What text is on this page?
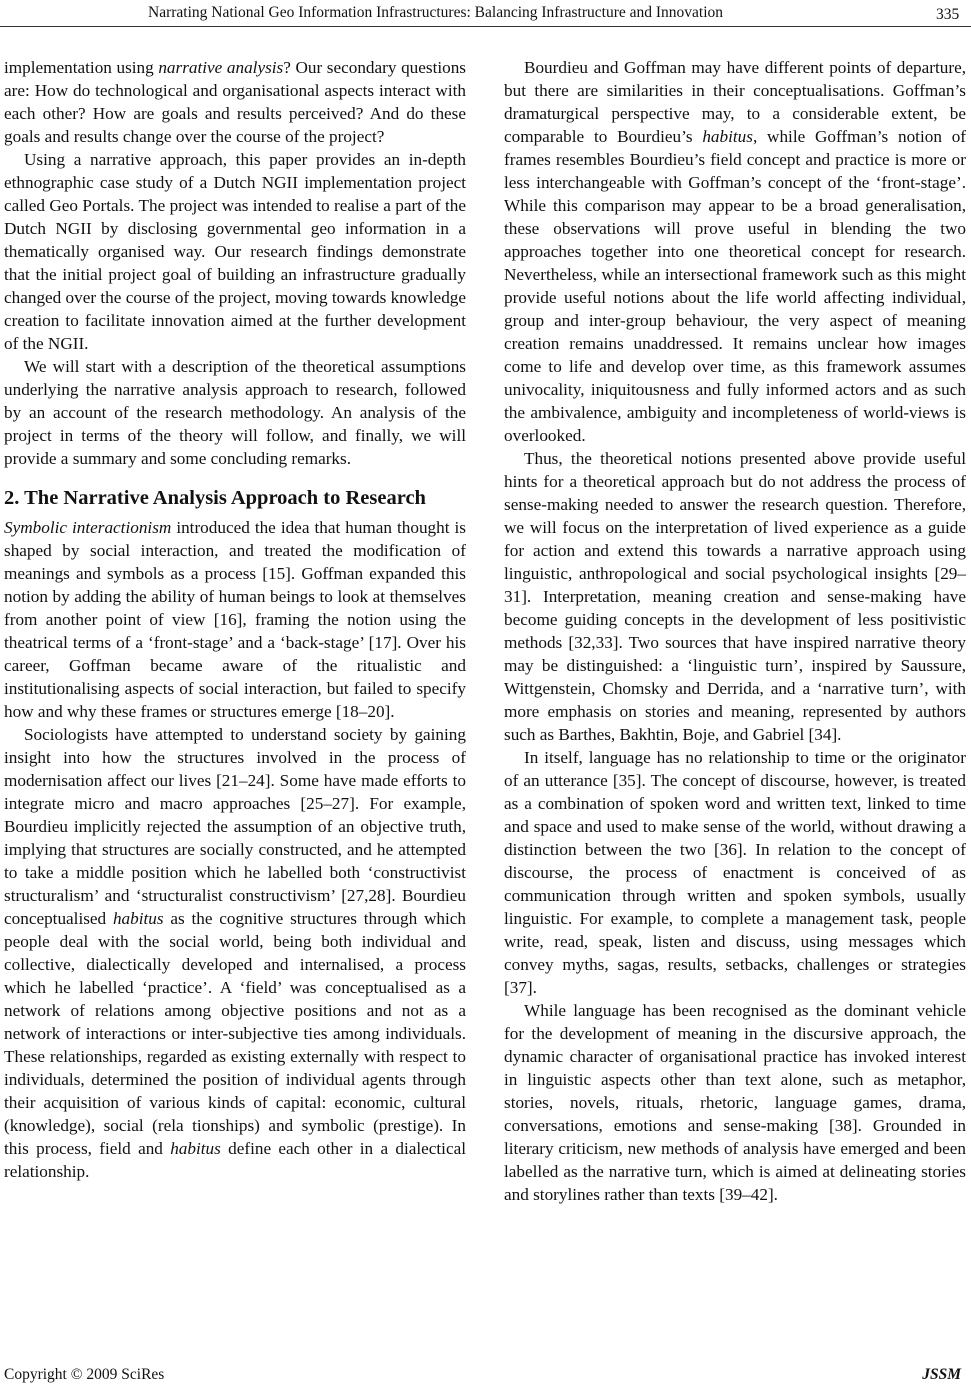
Narrating National Geo Information Infrastructures: Balancing Infrastructure and Innovation	335

implementation using narrative analysis? Our secondary questions are: How do technological and organisational aspects interact with each other? How are goals and results perceived? And do these goals and results change over the course of the project?

Using a narrative approach, this paper provides an in-depth ethnographic case study of a Dutch NGII implementation project called Geo Portals. The project was intended to realise a part of the Dutch NGII by disclosing governmental geo information in a thematically organised way. Our research findings demonstrate that the initial project goal of building an infrastructure gradually changed over the course of the project, moving towards knowledge creation to facilitate innovation aimed at the further development of the NGII.

We will start with a description of the theoretical assumptions underlying the narrative analysis approach to research, followed by an account of the research methodology. An analysis of the project in terms of the theory will follow, and finally, we will provide a summary and some concluding remarks.

2. The Narrative Analysis Approach to Research

Symbolic interactionism introduced the idea that human thought is shaped by social interaction, and treated the modification of meanings and symbols as a process [15]. Goffman expanded this notion by adding the ability of human beings to look at themselves from another point of view [16], framing the notion using the theatrical terms of a ‘front-stage’ and a ‘back-stage’ [17]. Over his career, Goffman became aware of the ritualistic and institutionalising aspects of social interaction, but failed to specify how and why these frames or structures emerge [18–20].

Sociologists have attempted to understand society by gaining insight into how the structures involved in the process of modernisation affect our lives [21–24]. Some have made efforts to integrate micro and macro approaches [25–27]. For example, Bourdieu implicitly rejected the assumption of an objective truth, implying that structures are socially constructed, and he attempted to take a middle position which he labelled both ‘constructivist structuralism’ and ‘structuralist constructivism’ [27,28]. Bourdieu conceptualised habitus as the cognitive structures through which people deal with the social world, being both individual and collective, dialectically developed and internalised, a process which he labelled ‘practice’. A ‘field’ was conceptualised as a network of relations among objective positions and not as a network of interactions or inter-subjective ties among individuals. These relationships, regarded as existing externally with respect to individuals, determined the position of individual agents through their acquisition of various kinds of capital: economic, cultural (knowledge), social (rela tionships) and symbolic (prestige). In this process, field and habitus define each other in a dialectical relationship.

Bourdieu and Goffman may have different points of departure, but there are similarities in their conceptualisations. Goffman’s dramaturgical perspective may, to a considerable extent, be comparable to Bourdieu’s habitus, while Goffman’s notion of frames resembles Bourdieu’s field concept and practice is more or less interchangeable with Goffman’s concept of the ‘front-stage’. While this comparison may appear to be a broad generalisation, these observations will prove useful in blending the two approaches together into one theoretical concept for research. Nevertheless, while an intersectional framework such as this might provide useful notions about the life world affecting individual, group and inter-group behaviour, the very aspect of meaning creation remains unaddressed. It remains unclear how images come to life and develop over time, as this framework assumes univocality, iniquitousness and fully informed actors and as such the ambivalence, ambiguity and incompleteness of world-views is overlooked.

Thus, the theoretical notions presented above provide useful hints for a theoretical approach but do not address the process of sense-making needed to answer the research question. Therefore, we will focus on the interpretation of lived experience as a guide for action and extend this towards a narrative approach using linguistic, anthropological and social psychological insights [29–31]. Interpretation, meaning creation and sense-making have become guiding concepts in the development of less positivistic methods [32,33]. Two sources that have inspired narrative theory may be distinguished: a ‘linguistic turn’, inspired by Saussure, Wittgenstein, Chomsky and Derrida, and a ‘narrative turn’, with more emphasis on stories and meaning, represented by authors such as Barthes, Bakhtin, Boje, and Gabriel [34].

In itself, language has no relationship to time or the originator of an utterance [35]. The concept of discourse, however, is treated as a combination of spoken word and written text, linked to time and space and used to make sense of the world, without drawing a distinction between the two [36]. In relation to the concept of discourse, the process of enactment is conceived of as communication through written and spoken symbols, usually linguistic. For example, to complete a management task, people write, read, speak, listen and discuss, using messages which convey myths, sagas, results, setbacks, challenges or strategies [37].

While language has been recognised as the dominant vehicle for the development of meaning in the discursive approach, the dynamic character of organisational practice has invoked interest in linguistic aspects other than text alone, such as metaphor, stories, novels, rituals, rhetoric, language games, drama, conversations, emotions and sense-making [38]. Grounded in literary criticism, new methods of analysis have emerged and been labelled as the narrative turn, which is aimed at delineating stories and storylines rather than texts [39–42].

Copyright © 2009 SciRes	JSSM
